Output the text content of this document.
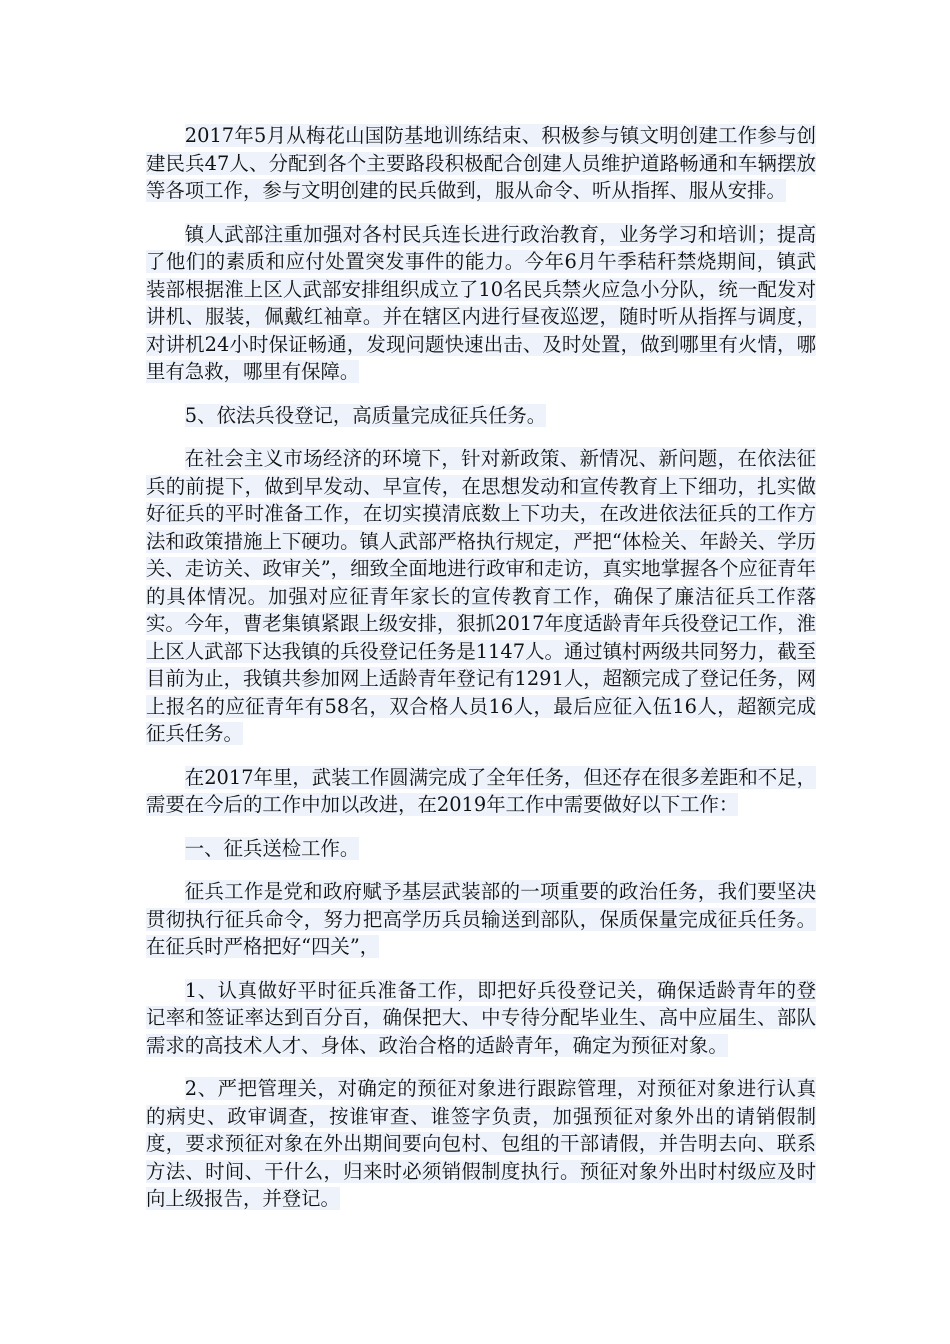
2017年5月从梅花山国防基地训练结束、积极参与镇文明创建工作参与创建民兵47人、分配到各个主要路段积极配合创建人员维护道路畅通和车辆摆放等各项工作，参与文明创建的民兵做到，服从命令、听从指挥、服从安排。

镇人武部注重加强对各村民兵连长进行政治教育，业务学习和培训；提高了他们的素质和应付处置突发事件的能力。今年6月午季秸秆禁烧期间，镇武装部根据淮上区人武部安排组织成立了10名民兵禁火应急小分队，统一配发对讲机、服装，佩戴红袖章。并在辖区内进行昼夜巡逻，随时听从指挥与调度，对讲机24小时保证畅通，发现问题快速出击、及时处置，做到哪里有火情，哪里有急救，哪里有保障。

5、依法兵役登记，高质量完成征兵任务。

在社会主义市场经济的环境下，针对新政策、新情况、新问题，在依法征兵的前提下，做到早发动、早宣传，在思想发动和宣传教育上下细功，扎实做好征兵的平时准备工作，在切实摸清底数上下功夫，在改进依法征兵的工作方法和政策措施上下硬功。镇人武部严格执行规定，严把“体检关、年龄关、学历关、走访关、政审关”，细致全面地进行政审和走访，真实地掌握各个应征青年的具体情况。加强对应征青年家长的宣传教育工作，确保了廉洁征兵工作落实。今年，曹老集镇紧跟上级安排，狠抓2017年度适龄青年兵役登记工作，淮上区人武部下达我镇的兵役登记任务是1147人。通过镇村两级共同努力，截至目前为止，我镇共参加网上适龄青年登记有1291人，超额完成了登记任务，网上报名的应征青年有58名，双合格人员16人，最后应征入伍16人，超额完成征兵任务。

在2017年里，武装工作圆满完成了全年任务，但还存在很多差距和不足，需要在今后的工作中加以改进，在2019年工作中需要做好以下工作：

一、征兵送检工作。

征兵工作是党和政府赋予基层武装部的一项重要的政治任务，我们要坚决贯彻执行征兵命令，努力把高学历兵员输送到部队，保质保量完成征兵任务。在征兵时严格把好“四关”，

1、认真做好平时征兵准备工作，即把好兵役登记关，确保适龄青年的登记率和签证率达到百分百，确保把大、中专待分配毕业生、高中应届生、部队需求的高技术人才、身体、政治合格的适龄青年，确定为预征对象。

2、严把管理关，对确定的预征对象进行跟踪管理，对预征对象进行认真的病史、政审调查，按谁审查、谁签字负责，加强预征对象外出的请销假制度，要求预征对象在外出期间要向包村、包组的干部请假，并告明去向、联系方法、时间、干什么，归来时必须销假制度执行。预征对象外出时村级应及时向上级报告，并登记。
